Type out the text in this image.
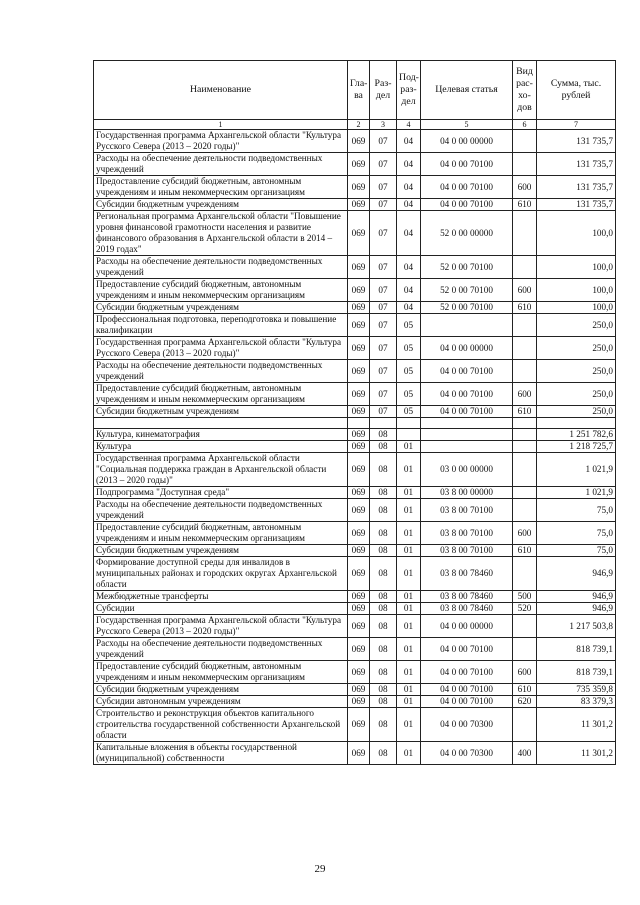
Наименование	Гла-ва	Раз-дел	Под-раз-дел	Целевая статья	Вид рас-хо-дов	Сумма, тыс. рублей
1	2	3	4	5	6	7
Государственная программа Архангельской области "Культура Русского Севера (2013 – 2020 годы)"	069	07	04	04 0 00 00000		131 735,7
Расходы на обеспечение деятельности подведомственных учреждений	069	07	04	04 0 00 70100		131 735,7
Предоставление субсидий бюджетным, автономным учреждениям и иным некоммерческим организациям	069	07	04	04 0 00 70100	600	131 735,7
Субсидии бюджетным учреждениям	069	07	04	04 0 00 70100	610	131 735,7
Региональная программа Архангельской области "Повышение уровня финансовой грамотности населения и развитие финансового образования в Архангельской области в 2014 – 2019 годах"	069	07	04	52 0 00 00000		100,0
Расходы на обеспечение деятельности подведомственных учреждений	069	07	04	52 0 00 70100		100,0
Предоставление субсидий бюджетным, автономным учреждениям и иным некоммерческим организациям	069	07	04	52 0 00 70100	600	100,0
Субсидии бюджетным учреждениям	069	07	04	52 0 00 70100	610	100,0
Профессиональная подготовка, переподготовка и повышение квалификации	069	07	05			250,0
Государственная программа Архангельской области "Культура Русского Севера (2013 – 2020 годы)"	069	07	05	04 0 00 00000		250,0
Расходы на обеспечение деятельности подведомственных учреждений	069	07	05	04 0 00 70100		250,0
Предоставление субсидий бюджетным, автономным учреждениям и иным некоммерческим организациям	069	07	05	04 0 00 70100	600	250,0
Субсидии бюджетным учреждениям	069	07	05	04 0 00 70100	610	250,0

Культура, кинематография	069	08				1 251 782,6
Культура	069	08	01			1 218 725,7
Государственная программа Архангельской области "Социальная поддержка граждан в Архангельской области (2013 – 2020 годы)"	069	08	01	03 0 00 00000		1 021,9
Подпрограмма "Доступная среда"	069	08	01	03 8 00 00000		1 021,9
Расходы на обеспечение деятельности подведомственных учреждений	069	08	01	03 8 00 70100		75,0
Предоставление субсидий бюджетным, автономным учреждениям и иным некоммерческим организациям	069	08	01	03 8 00 70100	600	75,0
Субсидии бюджетным учреждениям	069	08	01	03 8 00 70100	610	75,0
Формирование доступной среды для инвалидов в муниципальных районах и городских округах Архангельской области	069	08	01	03 8 00 78460		946,9
Межбюджетные трансферты	069	08	01	03 8 00 78460	500	946,9
Субсидии	069	08	01	03 8 00 78460	520	946,9
Государственная программа Архангельской области "Культура Русского Севера (2013 – 2020 годы)"	069	08	01	04 0 00 00000		1 217 503,8
Расходы на обеспечение деятельности подведомственных учреждений	069	08	01	04 0 00 70100		818 739,1
Предоставление субсидий бюджетным, автономным учреждениям и иным некоммерческим организациям	069	08	01	04 0 00 70100	600	818 739,1
Субсидии бюджетным учреждениям	069	08	01	04 0 00 70100	610	735 359,8
Субсидии автономным учреждениям	069	08	01	04 0 00 70100	620	83 379,3
Строительство и реконструкция объектов капитального строительства государственной собственности Архангельской области	069	08	01	04 0 00 70300		11 301,2
Капитальные вложения в объекты государственной (муниципальной) собственности	069	08	01	04 0 00 70300	400	11 301,2
29
